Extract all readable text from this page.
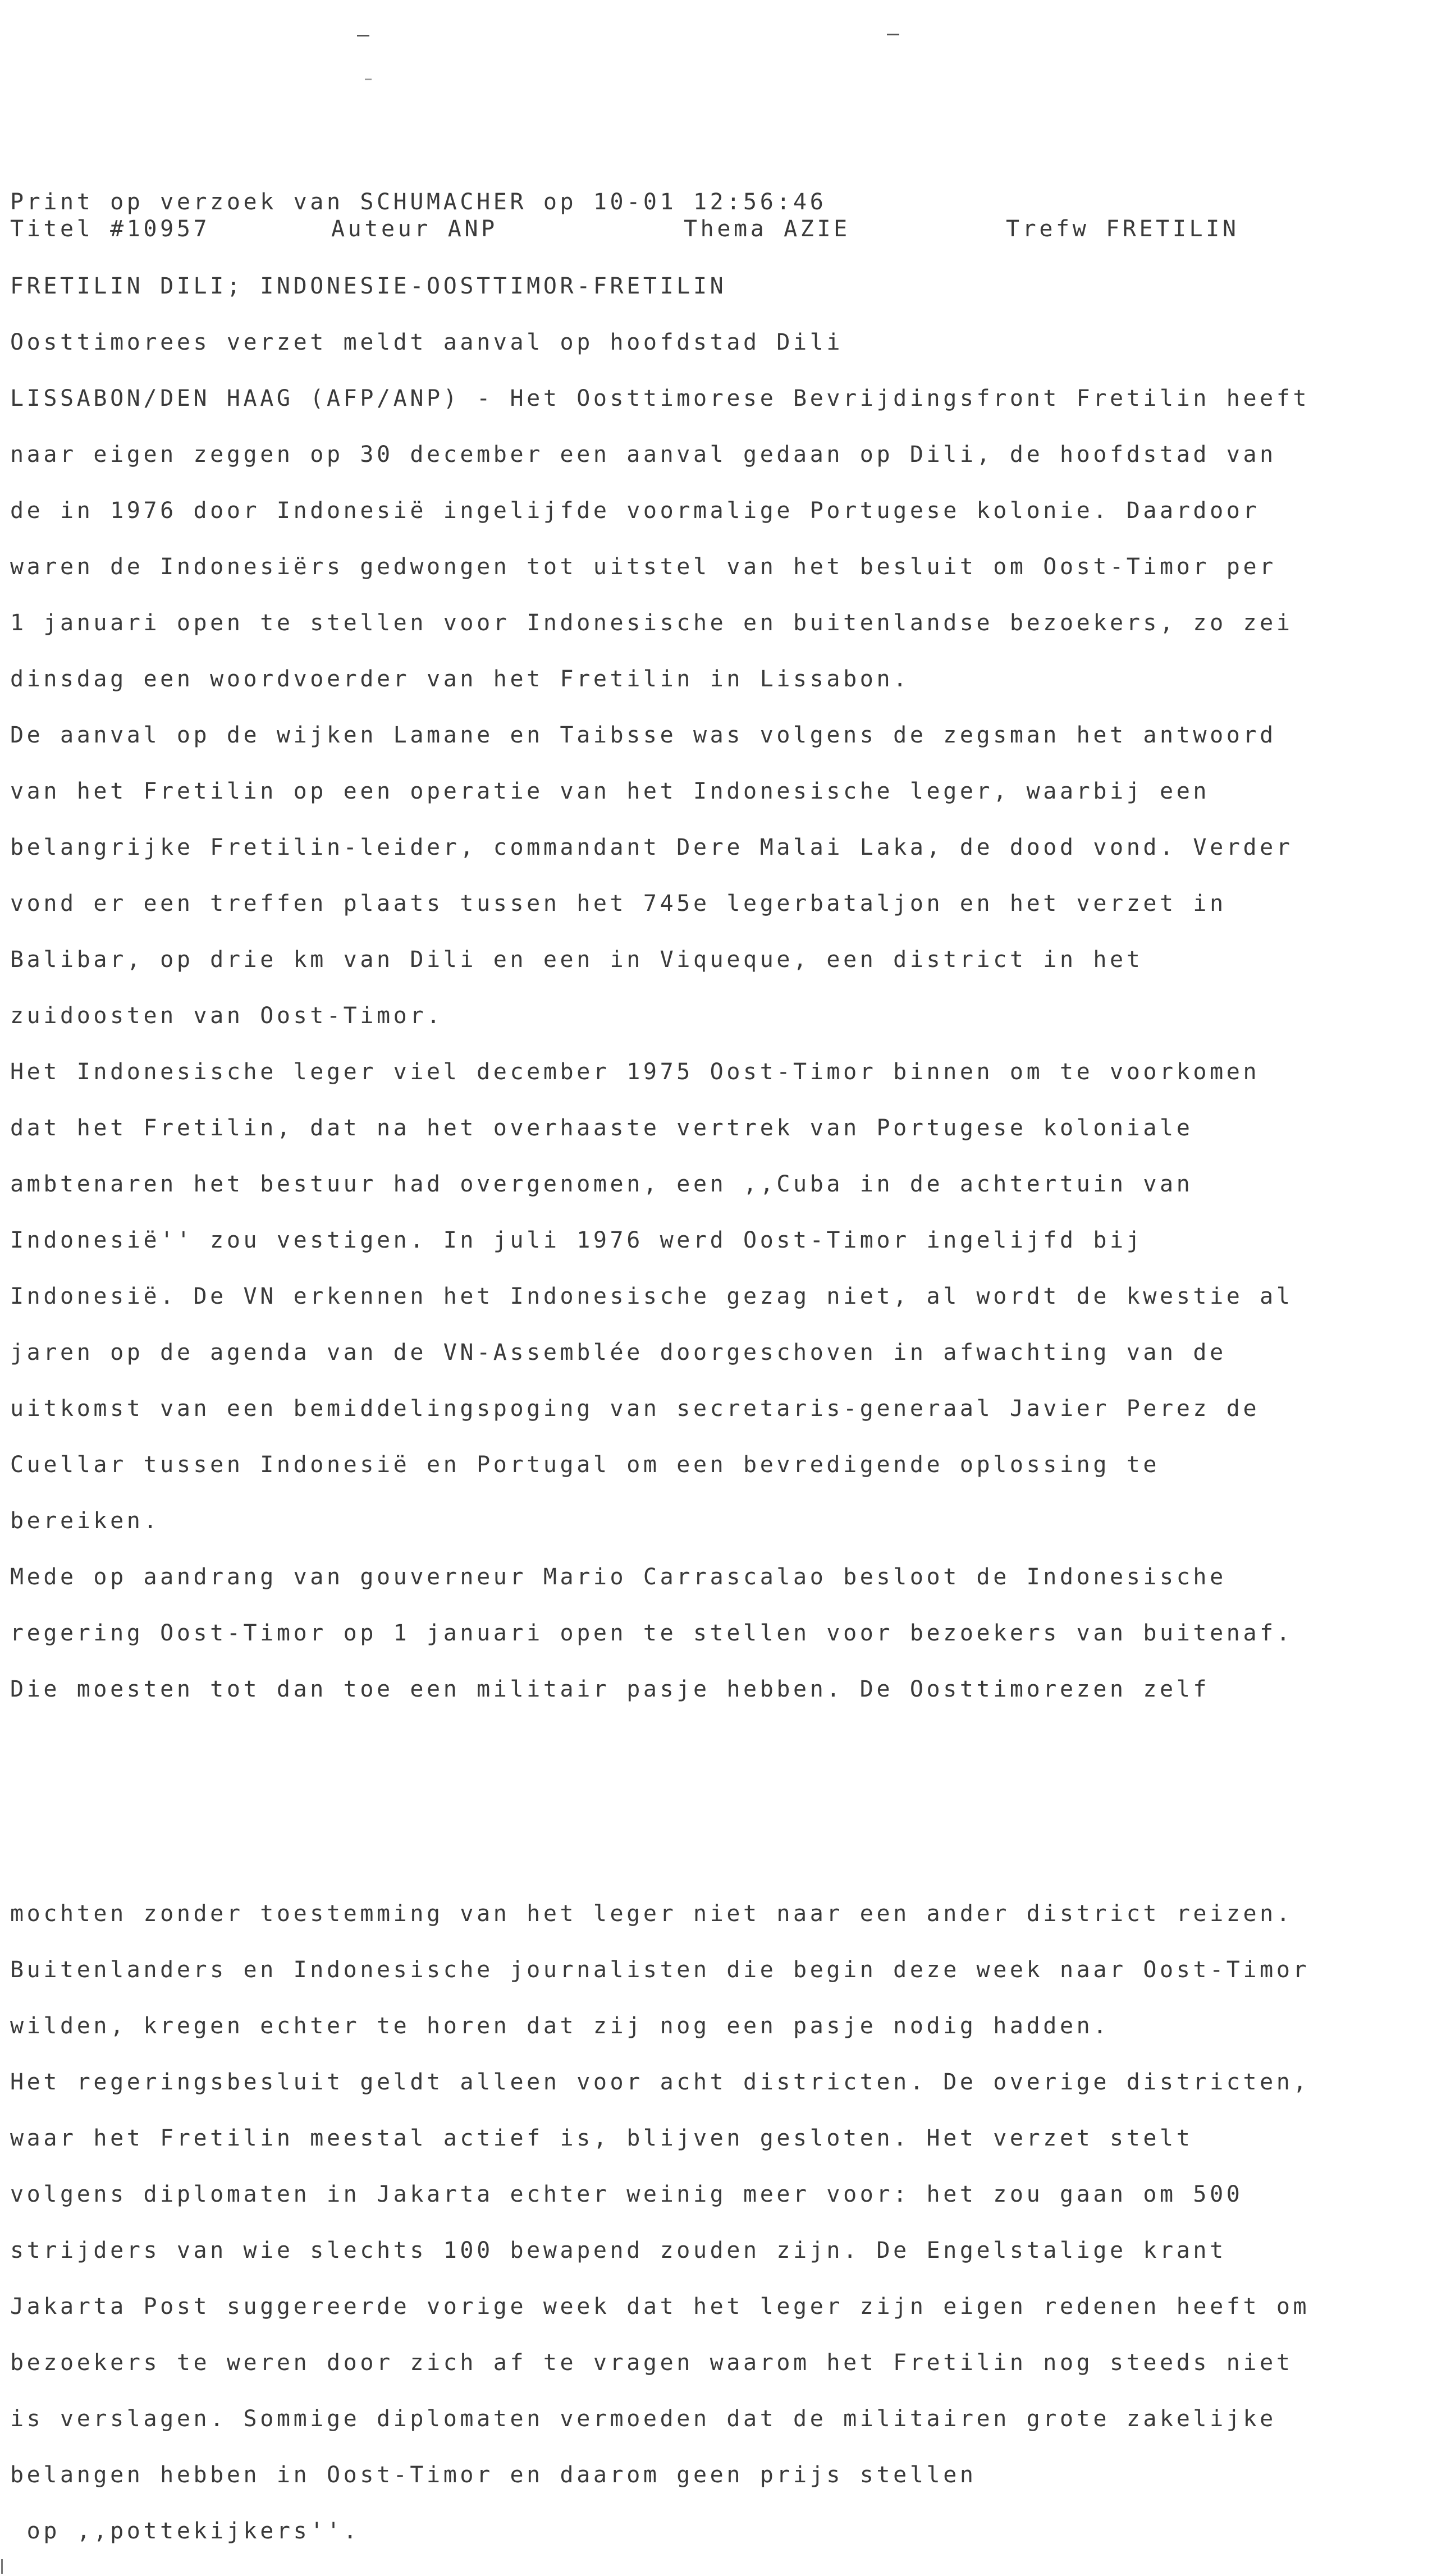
Print op verzoek van SCHUMACHER op 10-01 12:56:46
Titel #10957	Auteur ANP	Thema AZIE	Trefw FRETILIN
FRETILIN DILI; INDONESIE-OOSTTIMOR-FRETILIN
Oosttimorees verzet meldt aanval op hoofdstad Dili
LISSABON/DEN HAAG (AFP/ANP) - Het Oosttimorese Bevrijdingsfront Fretilin heeft
naar eigen zeggen op 30 december een aanval gedaan op Dili, de hoofdstad van
de in 1976 door Indonesië ingelijfde voormalige Portugese kolonie. Daardoor
waren de Indonesiërs gedwongen tot uitstel van het besluit om Oost-Timor per
1 januari open te stellen voor Indonesische en buitenlandse bezoekers, zo zei
dinsdag een woordvoerder van het Fretilin in Lissabon.
De aanval op de wijken Lamane en Taibsse was volgens de zegsman het antwoord
van het Fretilin op een operatie van het Indonesische leger, waarbij een
belangrijke Fretilin-leider, commandant Dere Malai Laka, de dood vond. Verder
vond er een treffen plaats tussen het 745e legerbataljon en het verzet in
Balibar, op drie km van Dili en een in Viqueque, een district in het
zuidoosten van Oost-Timor.
Het Indonesische leger viel december 1975 Oost-Timor binnen om te voorkomen
dat het Fretilin, dat na het overhaaste vertrek van Portugese koloniale
ambtenaren het bestuur had overgenomen, een ,,Cuba in de achtertuin van
Indonesië'' zou vestigen. In juli 1976 werd Oost-Timor ingelijfd bij
Indonesië. De VN erkennen het Indonesische gezag niet, al wordt de kwestie al
jaren op de agenda van de VN-Assemblée doorgeschoven in afwachting van de
uitkomst van een bemiddelingspoging van secretaris-generaal Javier Perez de
Cuellar tussen Indonesië en Portugal om een bevredigende oplossing te
bereiken.
Mede op aandrang van gouverneur Mario Carrascalao besloot de Indonesische
regering Oost-Timor op 1 januari open te stellen voor bezoekers van buitenaf.
Die moesten tot dan toe een militair pasje hebben. De Oosttimorezen zelf
mochten zonder toestemming van het leger niet naar een ander district reizen.
Buitenlanders en Indonesische journalisten die begin deze week naar Oost-Timor
wilden, kregen echter te horen dat zij nog een pasje nodig hadden.
Het regeringsbesluit geldt alleen voor acht districten. De overige districten,
waar het Fretilin meestal actief is, blijven gesloten. Het verzet stelt
volgens diplomaten in Jakarta echter weinig meer voor: het zou gaan om 500
strijders van wie slechts 100 bewapend zouden zijn. De Engelstalige krant
Jakarta Post suggereerde vorige week dat het leger zijn eigen redenen heeft om
bezoekers te weren door zich af te vragen waarom het Fretilin nog steeds niet
is verslagen. Sommige diplomaten vermoeden dat de militairen grote zakelijke
belangen hebben in Oost-Timor en daarom geen prijs stellen
op ,,pottekijkers''.
